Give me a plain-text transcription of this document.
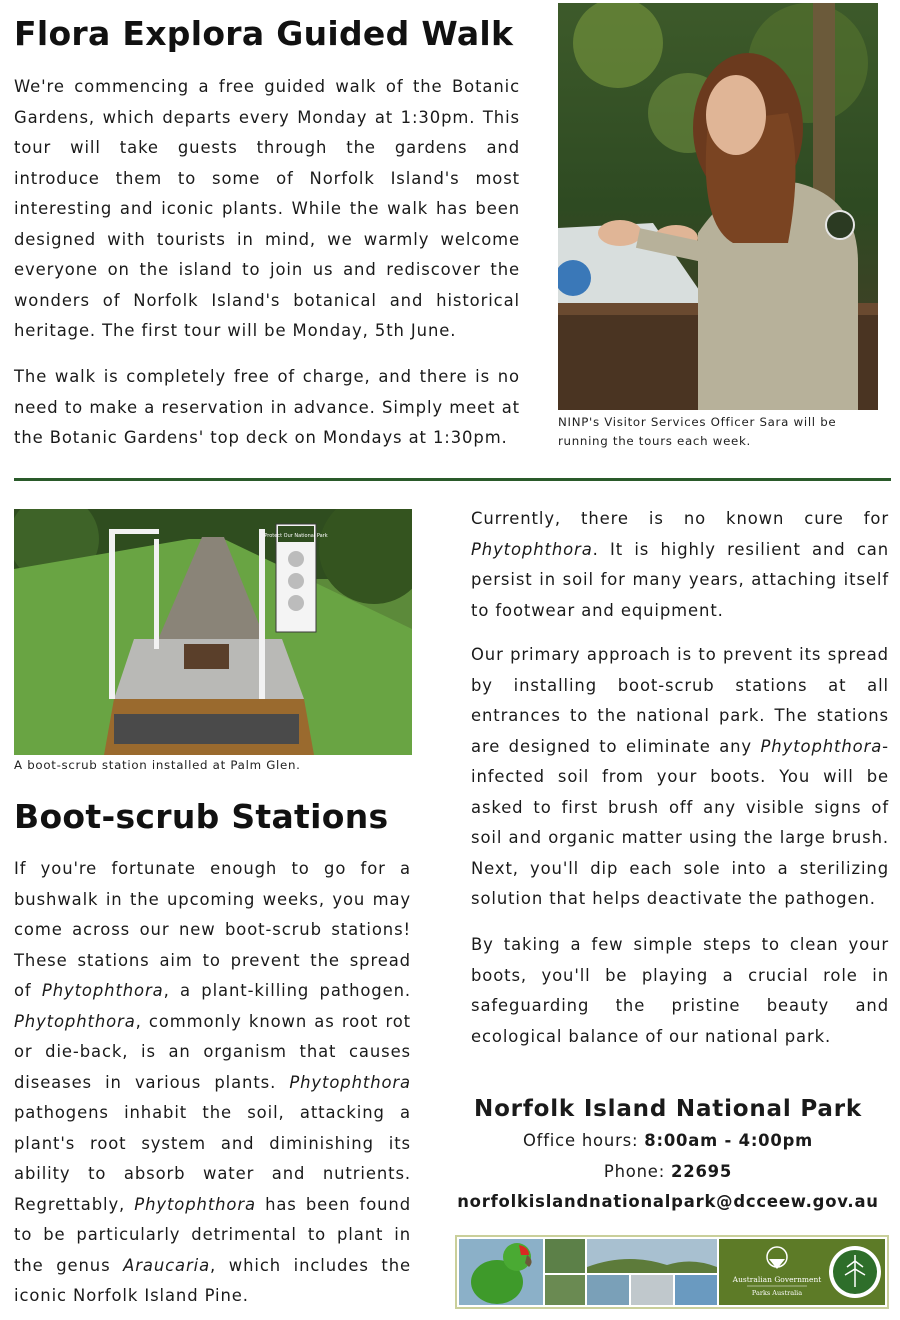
Flora Explora Guided Walk

We're commencing a free guided walk of the Botanic Gardens, which departs every Monday at 1:30pm. This tour will take guests through the gardens and introduce them to some of Norfolk Island's most interesting and iconic plants. While the walk has been designed with tourists in mind, we warmly welcome everyone on the island to join us and rediscover the wonders of Norfolk Island's botanical and historical heritage. The first tour will be Monday, 5th June.

The walk is completely free of charge, and there is no need to make a reservation in advance. Simply meet at the Botanic Gardens' top deck on Mondays at 1:30pm.

NINP's Visitor Services Officer Sara will be running the tours each week.

Protect Our National Park

A boot-scrub station installed at Palm Glen.

Boot-scrub Stations

If you're fortunate enough to go for a bushwalk in the upcoming weeks, you may come across our new boot-scrub stations! These stations aim to prevent the spread of Phytophthora, a plant-killing pathogen. Phytophthora, commonly known as root rot or die-back, is an organism that causes diseases in various plants. Phytophthora pathogens inhabit the soil, attacking a plant's root system and diminishing its ability to absorb water and nutrients. Regrettably, Phytophthora has been found to be particularly detrimental to plant in the genus Araucaria, which includes the iconic Norfolk Island Pine.

Currently, there is no known cure for Phytophthora. It is highly resilient and can persist in soil for many years, attaching itself to footwear and equipment.

Our primary approach is to prevent its spread by installing boot-scrub stations at all entrances to the national park. The stations are designed to eliminate any Phytophthora-infected soil from your boots. You will be asked to first brush off any visible signs of soil and organic matter using the large brush. Next, you'll dip each sole into a sterilizing solution that helps deactivate the pathogen.

By taking a few simple steps to clean your boots, you'll be playing a crucial role in safeguarding the pristine beauty and ecological balance of our national park.

Norfolk Island National Park

Office hours: 8:00am - 4:00pm

Phone: 22695

norfolkislandnationalpark@dcceew.gov.au

Australian Government
Parks Australia
